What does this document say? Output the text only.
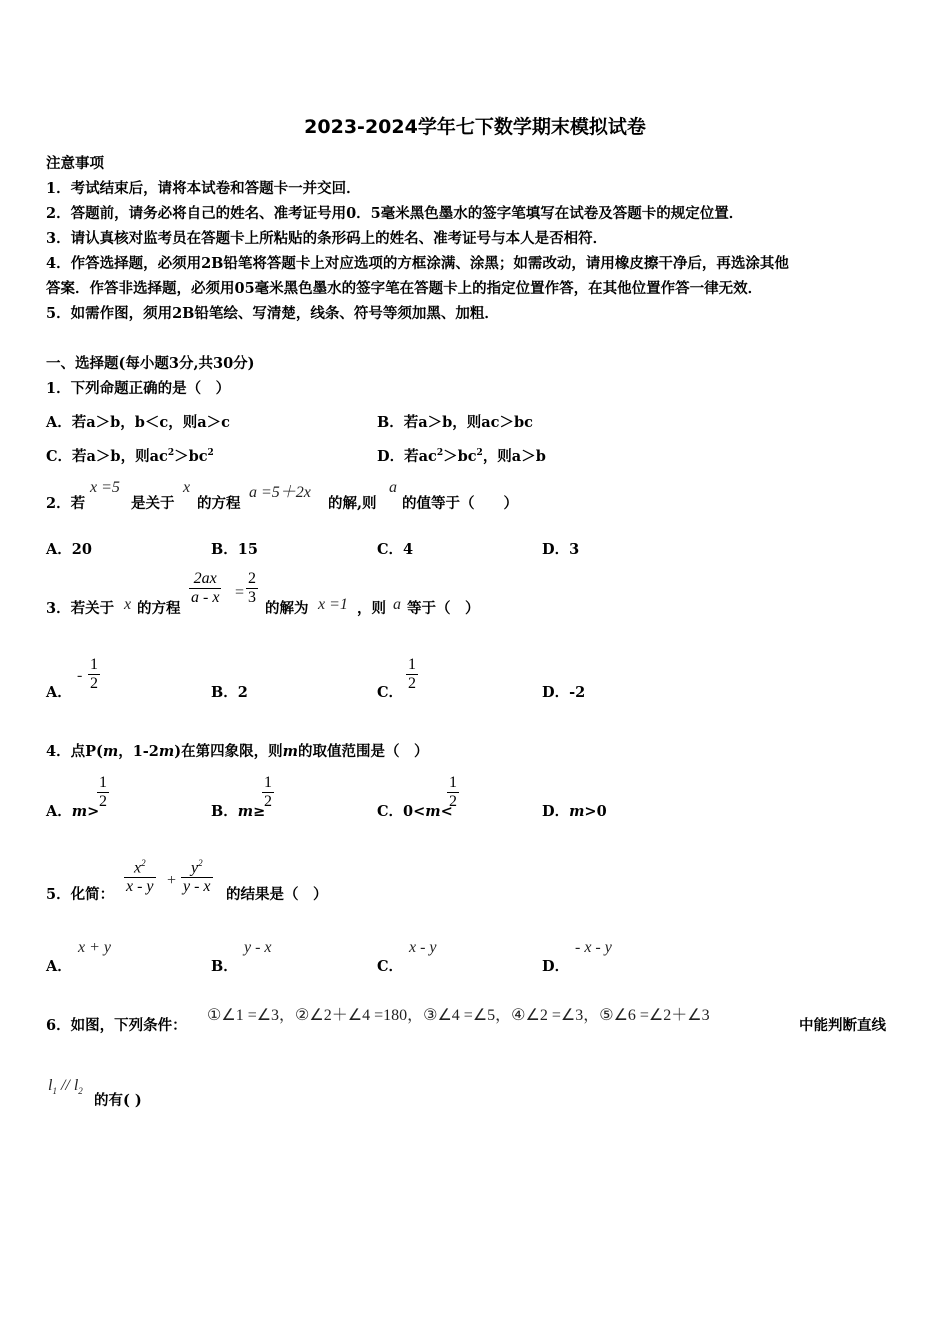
2023-2024学年七下数学期末模拟试卷
注意事项
1．考试结束后，请将本试卷和答题卡一并交回．
2．答题前，请务必将自己的姓名、准考证号用0．5毫米黑色墨水的签字笔填写在试卷及答题卡的规定位置．
3．请认真核对监考员在答题卡上所粘贴的条形码上的姓名、准考证号与本人是否相符．
4．作答选择题，必须用2B铅笔将答题卡上对应选项的方框涂满、涂黑；如需改动，请用橡皮擦干净后，再选涂其他
答案．作答非选择题，必须用05毫米黑色墨水的签字笔在答题卡上的指定位置作答，在其他位置作答一律无效．
5．如需作图，须用2B铅笔绘、写清楚，线条、符号等须加黑、加粗．
一、选择题(每小题3分,共30分)
1．下列命题正确的是（　）
A．若a＞b，b＜c，则a＞c	B．若a＞b，则ac＞bc
C．若a＞b，则$ac^2>bc^2$	D．若$ac^2>bc^2$，则a＞b
2．若
x =5
是关于
x
的方程
a =5＋2x
的解,则
a
的值等于（　　）
A．20	B．15	C．4	D．3
3．若关于 x 的方程
$\frac{2ax}{a - x} = \frac{2}{3}$
的解为 x =1 ，则 a 等于（　）
A．
- $\frac{1}{2}$	B．2	C． $\frac{1}{2}$	D．-2
4．点P(m，1-2m)在第四象限，则m的取值范围是（　）
A．m>
$\frac{1}{2}$
B．m≥
$\frac{1}{2}$
C．0<m<
$\frac{1}{2}$
D．m>0
5．化简： $\frac{x^2}{x - y} + \frac{y^2}{y - x}$ 的结果是（　）
A．
x + y
B．
y - x
C．
x - y
D．
- x - y
6．如图，下列条件：
①∠1 =∠3，②∠2＋∠4 =180，③∠4 =∠5，④∠2 =∠3，⑤∠6 =∠2＋∠3
中能判断直线
$l_1 // l_2$
的有( )
